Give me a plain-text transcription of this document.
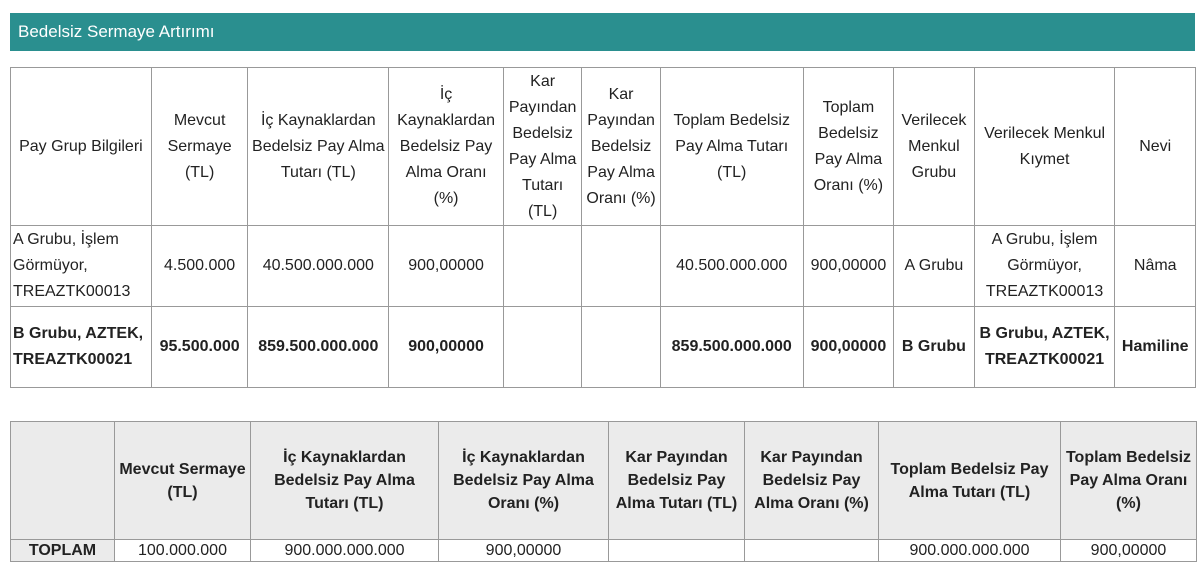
Bedelsiz Sermaye Artırımı
Pay Grup Bilgileri	Mevcut Sermaye (TL)	İç Kaynaklardan Bedelsiz Pay Alma Tutarı (TL)	İç Kaynaklardan Bedelsiz Pay Alma Oranı (%)	Kar Payından Bedelsiz Pay Alma Tutarı (TL)	Kar Payından Bedelsiz Pay Alma Oranı (%)	Toplam Bedelsiz Pay Alma Tutarı (TL)	Toplam Bedelsiz Pay Alma Oranı (%)	Verilecek Menkul Grubu	Verilecek Menkul Kıymet	Nevi
A Grubu, İşlem Görmüyor, TREAZTK00013	4.500.000	40.500.000.000	900,00000			40.500.000.000	900,00000	A Grubu	A Grubu, İşlem Görmüyor, TREAZTK00013	Nâma
B Grubu, AZTEK, TREAZTK00021	95.500.000	859.500.000.000	900,00000			859.500.000.000	900,00000	B Grubu	B Grubu, AZTEK, TREAZTK00021	Hamiline
	Mevcut Sermaye (TL)	İç Kaynaklardan Bedelsiz Pay Alma Tutarı (TL)	İç Kaynaklardan Bedelsiz Pay Alma Oranı (%)	Kar Payından Bedelsiz Pay Alma Tutarı (TL)	Kar Payından Bedelsiz Pay Alma Oranı (%)	Toplam Bedelsiz Pay Alma Tutarı (TL)	Toplam Bedelsiz Pay Alma Oranı (%)
TOPLAM	100.000.000	900.000.000.000	900,00000			900.000.000.000	900,00000
